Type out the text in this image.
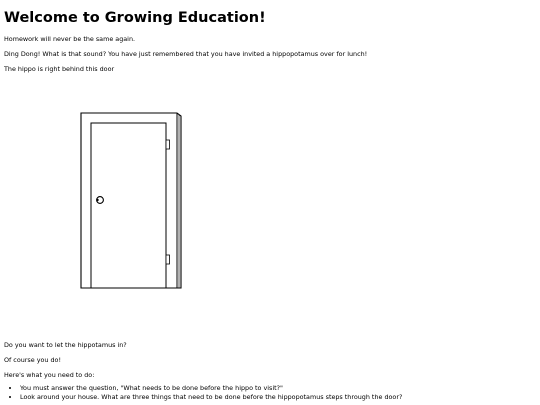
Welcome to Growing Education!

Homework will never be the same again.

Ding Dong! What is that sound? You have just remembered that you have invited a hippopotamus over for lunch!

The hippo is right behind this door

Do you want to let the hippotamus in?

Of course you do!

Here's what you need to do:

• You must answer the question, "What needs to be done before the hippo to visit?"
• Look around your house. What are three things that need to be done before the hippopotamus steps through the door?
